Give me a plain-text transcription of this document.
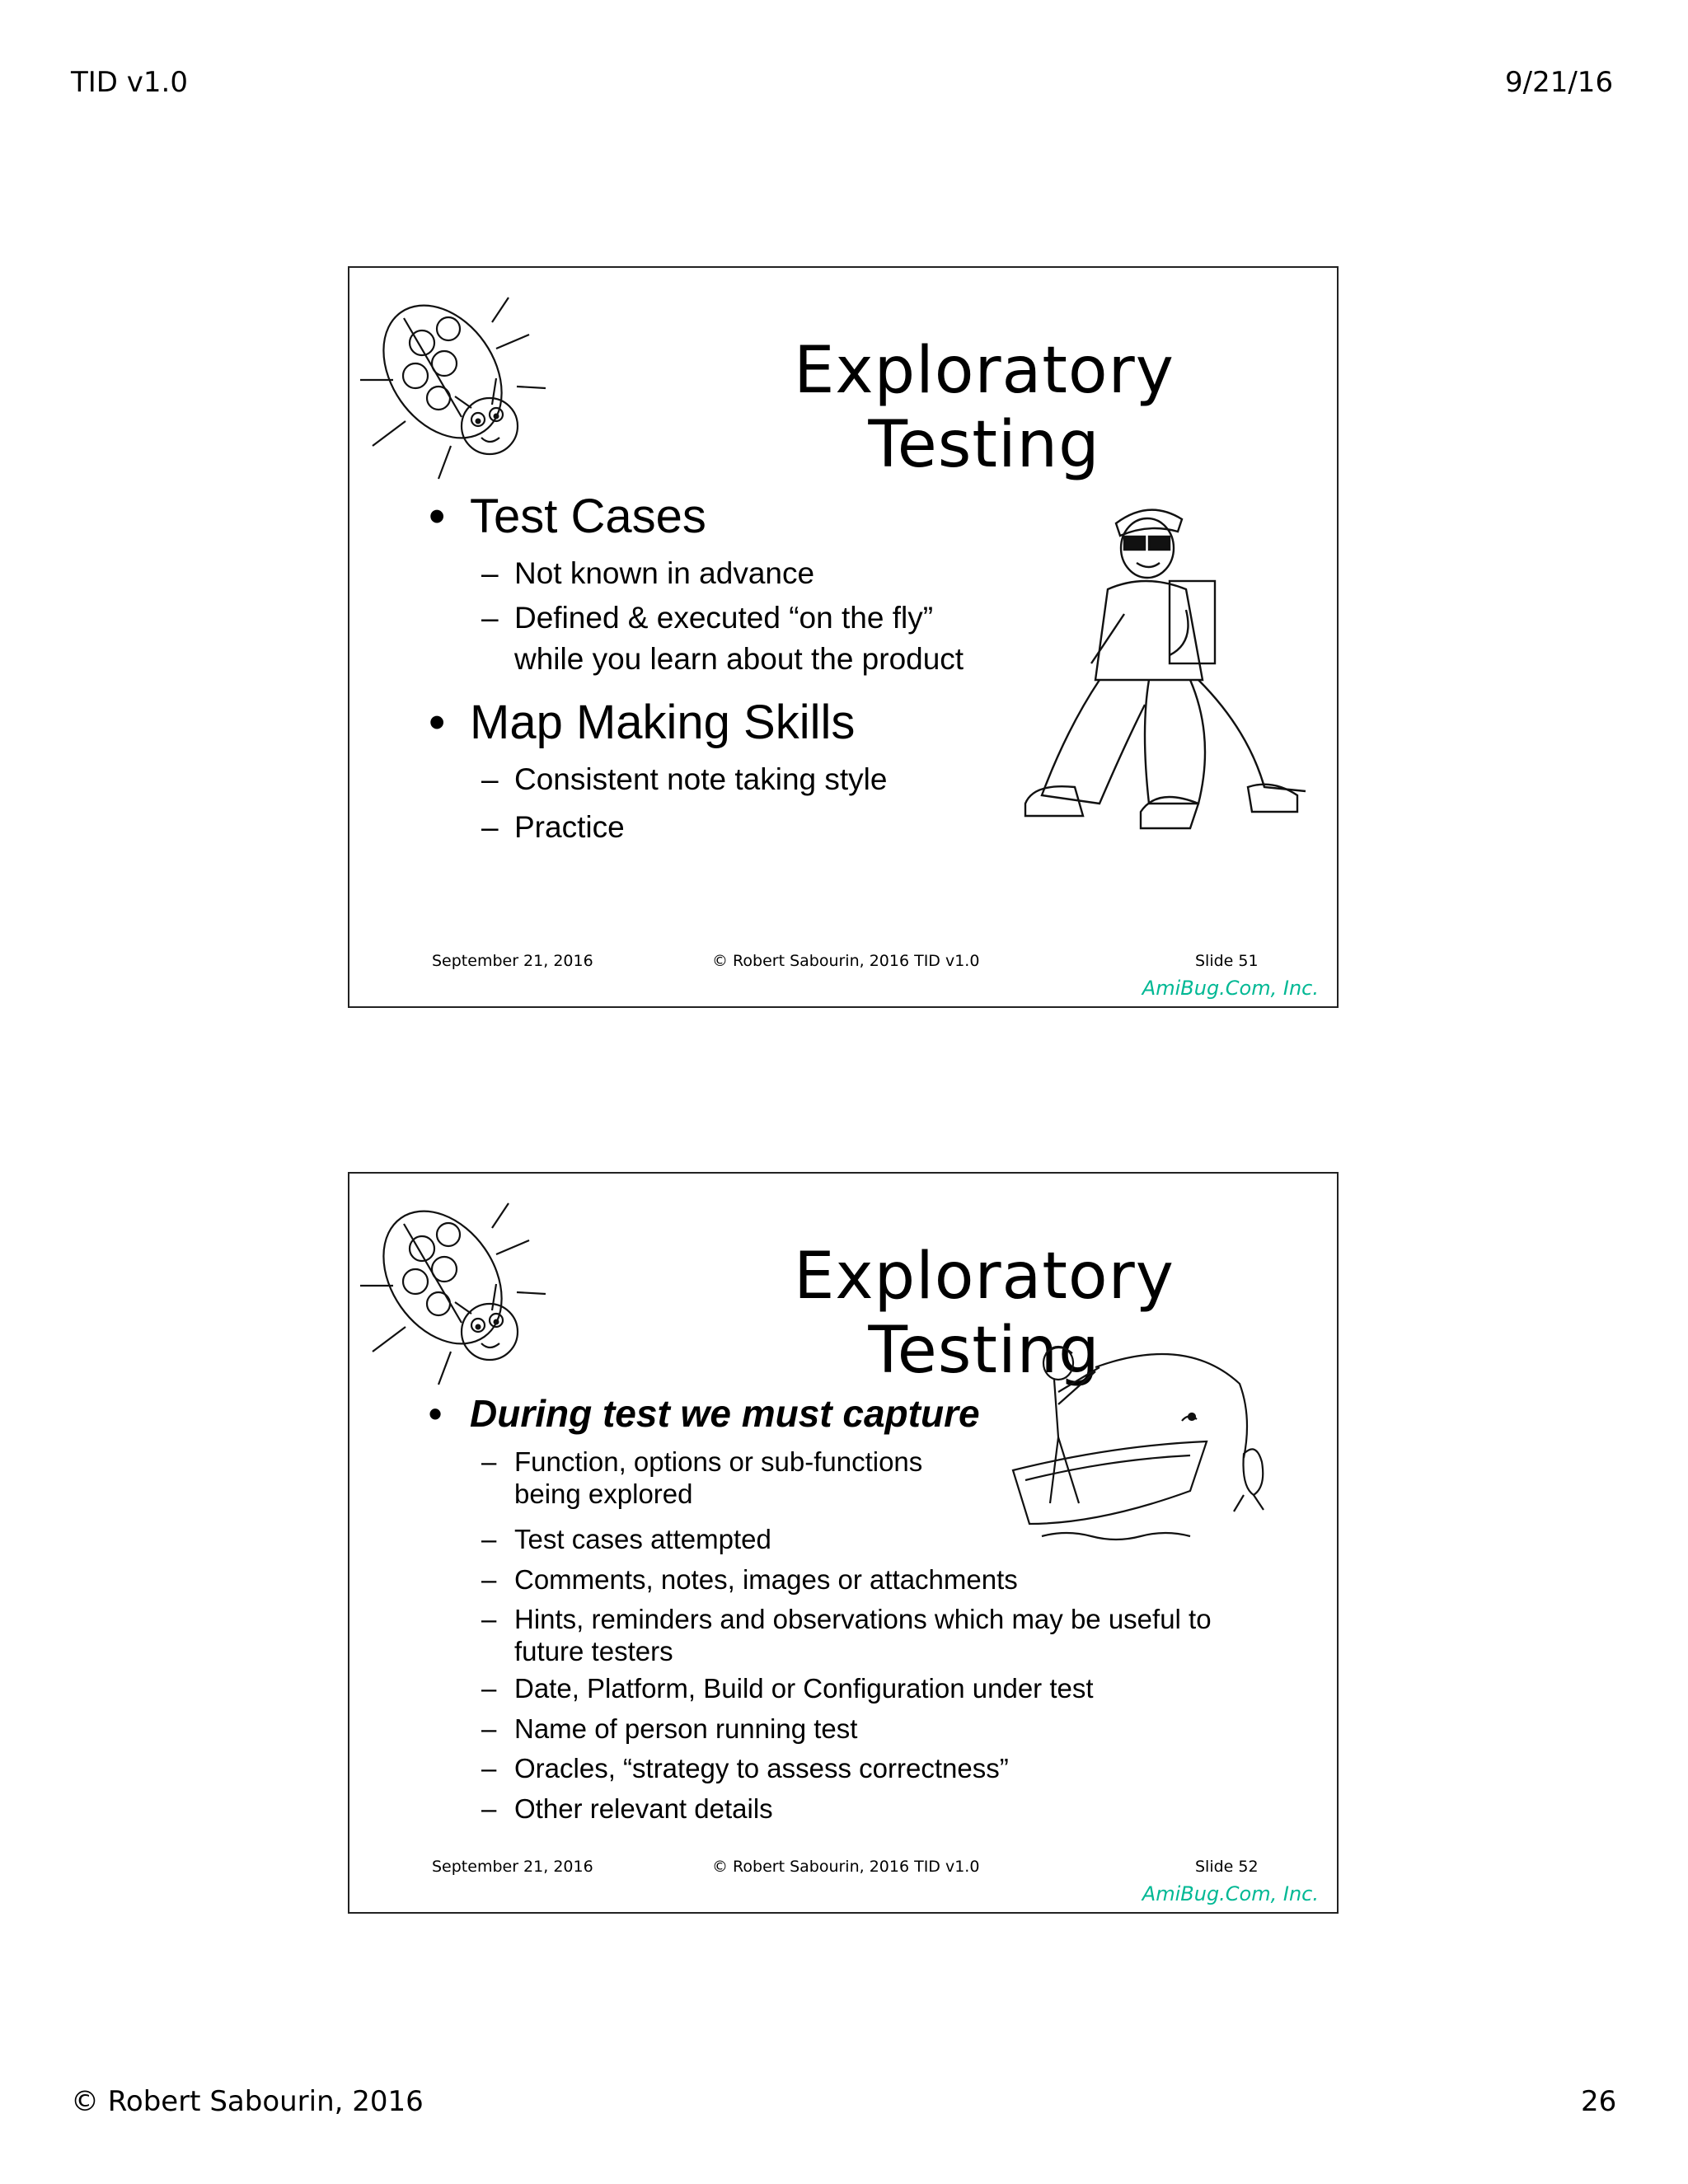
TID v1.0	9/21/16
Exploratory Testing
• Test Cases
– Not known in advance
– Defined & executed “on the fly” while you learn about the product
• Map Making Skills
– Consistent note taking style
– Practice
September 21, 2016	© Robert Sabourin, 2016 TID v1.0	Slide 51
AmiBug.Com, Inc.
Exploratory Testing
• During test we must capture
– Function, options or sub-functions being explored
– Test cases attempted
– Comments, notes, images or attachments
– Hints, reminders and observations which may be useful to future testers
– Date, Platform, Build or Configuration under test
– Name of person running test
– Oracles, “strategy to assess correctness”
– Other relevant details
September 21, 2016	© Robert Sabourin, 2016 TID v1.0	Slide 52
AmiBug.Com, Inc.
© Robert Sabourin, 2016	26
